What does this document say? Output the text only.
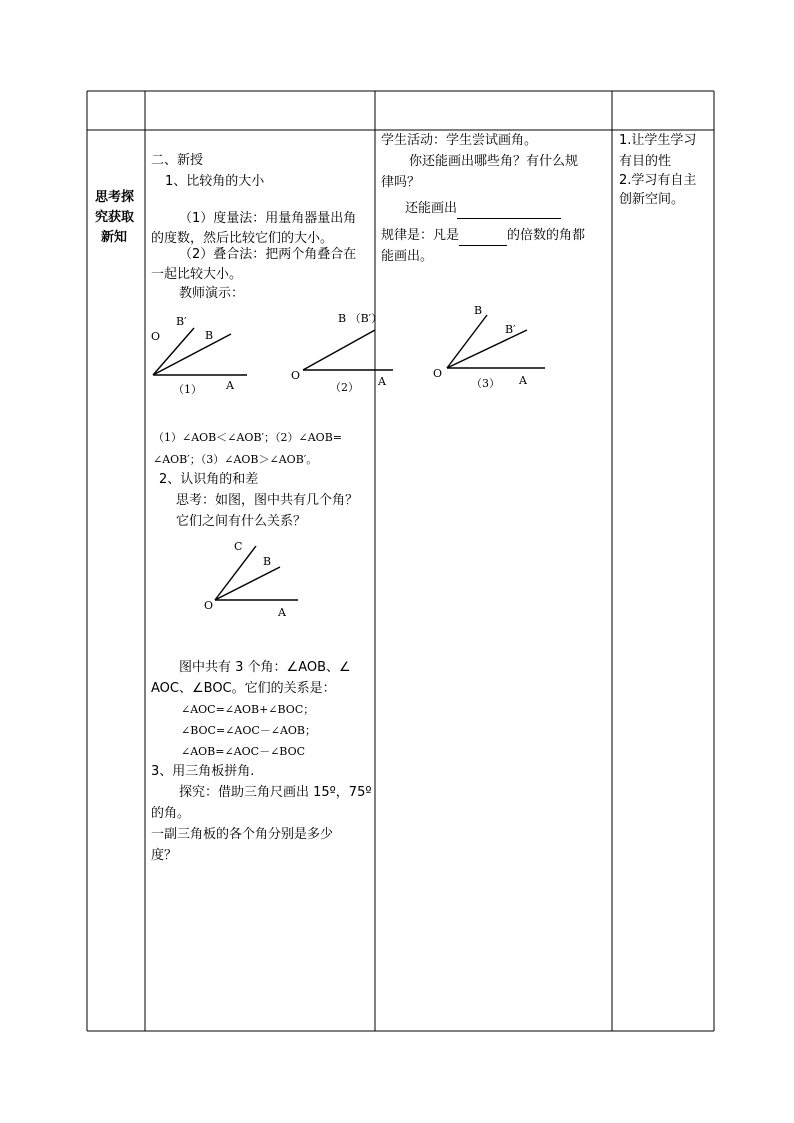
思考探
究获取
新知
二、新授
1、比较角的大小
（1）度量法：用量角器量出角
的度数，然后比较它们的大小。
（2）叠合法：把两个角叠合在
一起比较大小。
教师演示：
B′
B
O
A
（1）
B （B′）
O	A
（2）
B
B′
O
A
（3）
（1）∠AOB＜∠AOB′；（2）∠AOB=
∠AOB′；（3）∠AOB＞∠AOB′。
2、认识角的和差
思考：如图，图中共有几个角？
它们之间有什么关系？
C
B
O
A
图中共有 3 个角：∠AOB、∠
AOC、∠BOC。它们的关系是：
∠AOC=∠AOB+∠BOC；
∠BOC=∠AOC－∠AOB；
∠AOB=∠AOC－∠BOC
3、用三角板拼角.
探究：借助三角尺画出 15º，75º
的角。
一副三角板的各个角分别是多少
度？
学生活动：学生尝试画角。
你还能画出哪些角？有什么规
律吗？
还能画出
规律是：凡是	的倍数的角都
能画出。
1.让学生学习
有目的性
2.学习有自主
创新空间。
